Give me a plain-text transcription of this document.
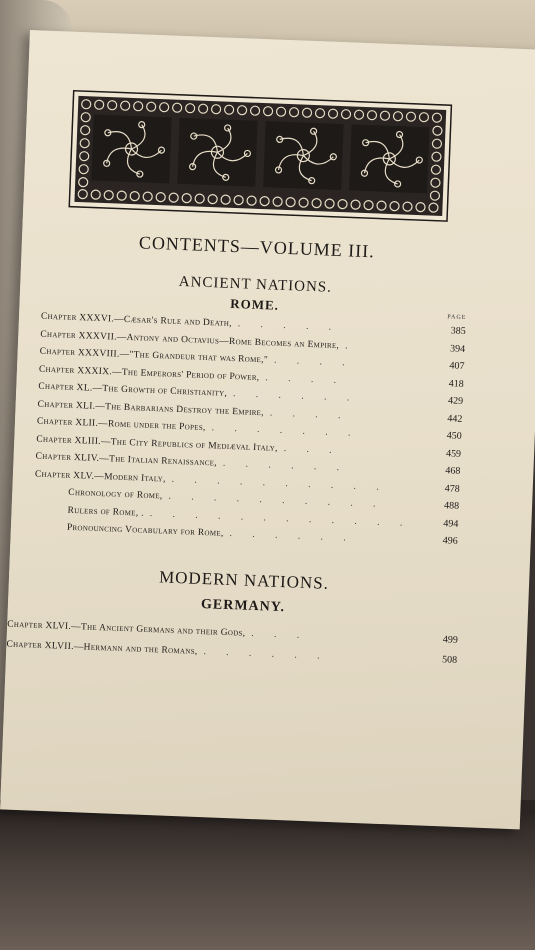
CONTENTS—VOLUME III.
ANCIENT NATIONS.
ROME.
PAGE
Chapter XXXVI.—Cæsar's Rule and Death, . . . . .	385
Chapter XXXVII.—Antony and Octavius—Rome Becomes an Empire, .	394
Chapter XXXVIII.—"The Grandeur that was Rome," . . . .	407
Chapter XXXIX.—The Emperors' Period of Power, . . . .	418
Chapter XL.—The Growth of Christianity, . . . . . .	429
Chapter XLI.—The Barbarians Destroy the Empire, . . . .	442
Chapter XLII.—Rome under the Popes, . . . . . . .	450
Chapter XLIII.—The City Republics of Mediæval Italy, . . .	459
Chapter XLIV.—The Italian Renaissance, . . . . . .	468
Chapter XLV.—Modern Italy, . . . . . . . . . .	478
Chronology of Rome, . . . . . . . . . .	488
Rulers of Rome, . . . . . . . . . . . . .	494
Pronouncing Vocabulary for Rome, . . . . . .	496
MODERN NATIONS.
GERMANY.
Chapter XLVI.—The Ancient Germans and their Gods, . . .	499
Chapter XLVII.—Hermann and the Romans, . . . . . .	508
